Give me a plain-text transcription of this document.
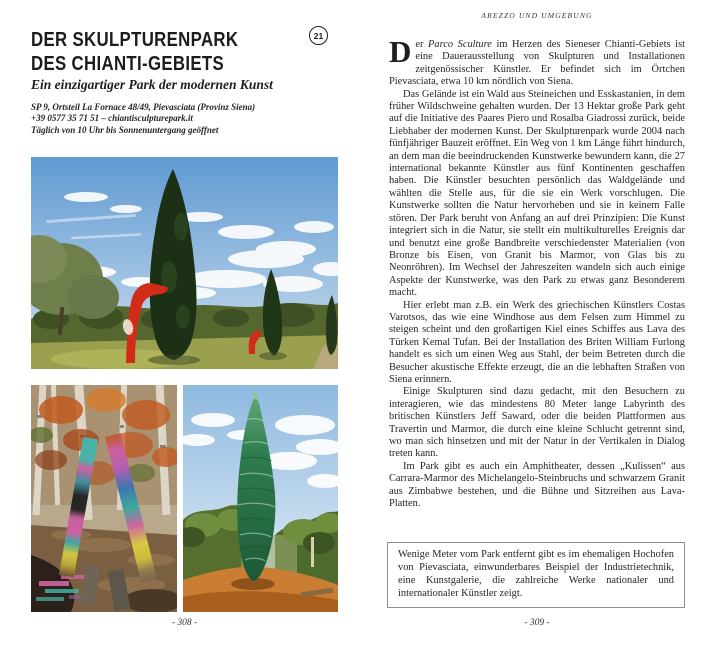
DER SKULPTURENPARK
DES CHIANTI-GEBIETS
21
Ein einzigartiger Park der modernen Kunst
SP 9, Ortsteil La Fornace 48/49, Pievasciata (Provinz Siena)
+39 0577 35 71 51 – chiantisculpturepark.it
Täglich von 10 Uhr bis Sonnenuntergang geöffnet
- 308 -
AREZZO UND UMGEBUNG

Der Parco Sculture im Herzen des Sieneser Chianti-Gebiets ist eine Dauerausstellung von Skulpturen und Installationen zeitgenössischer Künstler. Er befindet sich im Örtchen Pievasciata, etwa 10 km nördlich von Siena.

Das Gelände ist ein Wald aus Steineichen und Esskastanien, in dem früher Wildschweine gehalten wurden. Der 13 Hektar große Park geht auf die Initiative des Paares Piero und Rosalba Giadrossi zurück, beide Liebhaber der modernen Kunst. Der Skulpturenpark wurde 2004 nach fünfjähriger Bauzeit eröffnet. Ein Weg von 1 km Länge führt hindurch, an dem man die beeindruckenden Kunstwerke bewundern kann, die 27 international bekannte Künstler aus fünf Kontinenten geschaffen haben. Die Künstler besuchten persönlich das Waldgelände und wählten die Stelle aus, für die sie ein Werk vorschlugen. Die Kunstwerke sollten die Natur hervorheben und sie in keinem Falle stören. Der Park beruht von Anfang an auf drei Prinzipien: Die Kunst integriert sich in die Natur, sie stellt ein multikulturelles Ereignis dar und benutzt eine große Bandbreite verschiedenster Materialien (von Bronze bis Eisen, von Granit bis Marmor, von Glas bis zu Neonröhren). Im Wechsel der Jahreszeiten wandeln sich auch einige Aspekte der Kunstwerke, was den Park zu etwas ganz Besonderem macht.

Hier erlebt man z.B. ein Werk des griechischen Künstlers Costas Varotsos, das wie eine Windhose aus dem Felsen zum Himmel zu steigen scheint und den großartigen Kiel eines Schiffes aus Lava des Türken Kemal Tufan. Bei der Installation des Briten William Furlong handelt es sich um einen Weg aus Stahl, der beim Betreten durch die Besucher akustische Effekte erzeugt, die an die lebhaften Straßen von Siena erinnern.

Einige Skulpturen sind dazu gedacht, mit den Besuchern zu interagieren, wie das mindestens 80 Meter lange Labyrinth des britischen Künstlers Jeff Saward, oder die beiden Plattformen aus Travertin und Marmor, die durch eine kleine Schlucht getrennt sind, wo man sich hinsetzen und mit der Natur in der Vertikalen in Dialog treten kann.

Im Park gibt es auch ein Amphitheater, dessen „Kulissen“ aus Carrara-Marmor des Michelangelo-Steinbruchs und schwarzem Granit aus Zimbabwe bestehen, und die Bühne und Sitzreihen aus Lava-Platten.

Wenige Meter vom Park entfernt gibt es im ehemaligen Hochofen von Pievasciata, einwunderbares Beispiel der Industrietechnik, eine Kunstgalerie, die zahlreiche Werke nationaler und internationaler Künstler zeigt.
- 309 -
